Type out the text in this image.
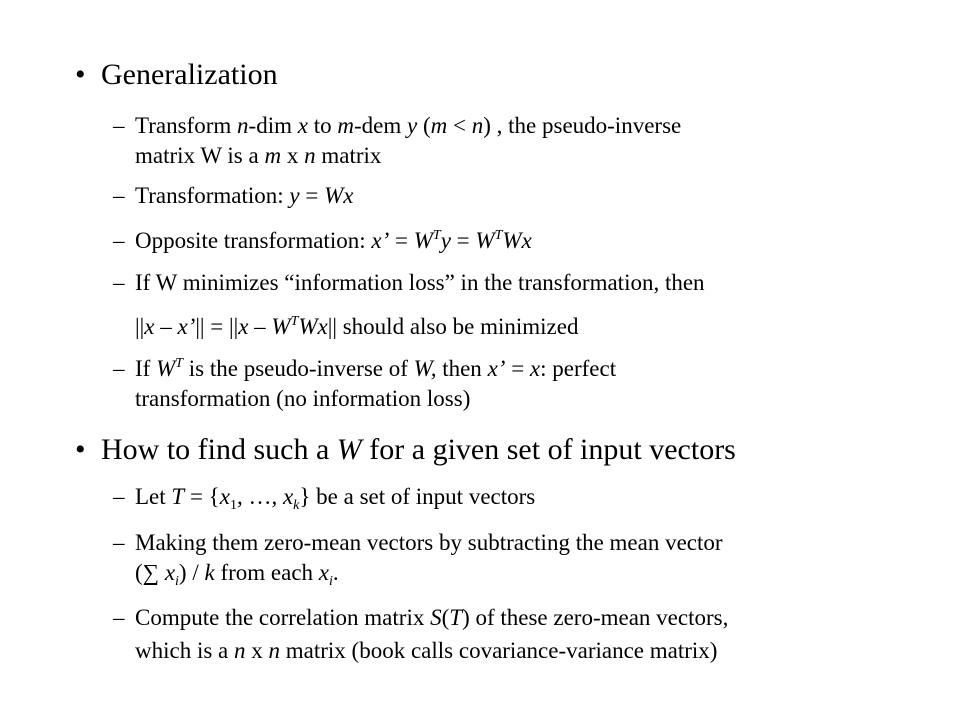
• Generalization
– Transform n-dim x to m-dem y (m < n) , the pseudo-inverse
matrix W is a m x n matrix
– Transformation: y = Wx
– Opposite transformation: x’ = $W^Ty = W^TWx$
– If W minimizes “information loss” in the transformation, then
||x – x’|| = $||x - W^TWx||$ should also be minimized
– If $W^T$ is the pseudo-inverse of W, then x’ = x: perfect
transformation (no information loss)
• How to find such a W for a given set of input vectors
– Let $T = \{x_1$, …, $x_k$} be a set of input vectors
– Making them zero-mean vectors by subtracting the mean vector
(∑ $x_i$) / k from each $x_i$.
– Compute the correlation matrix S(T) of these zero-mean vectors,
which is a n x n matrix (book calls covariance-variance matrix)
